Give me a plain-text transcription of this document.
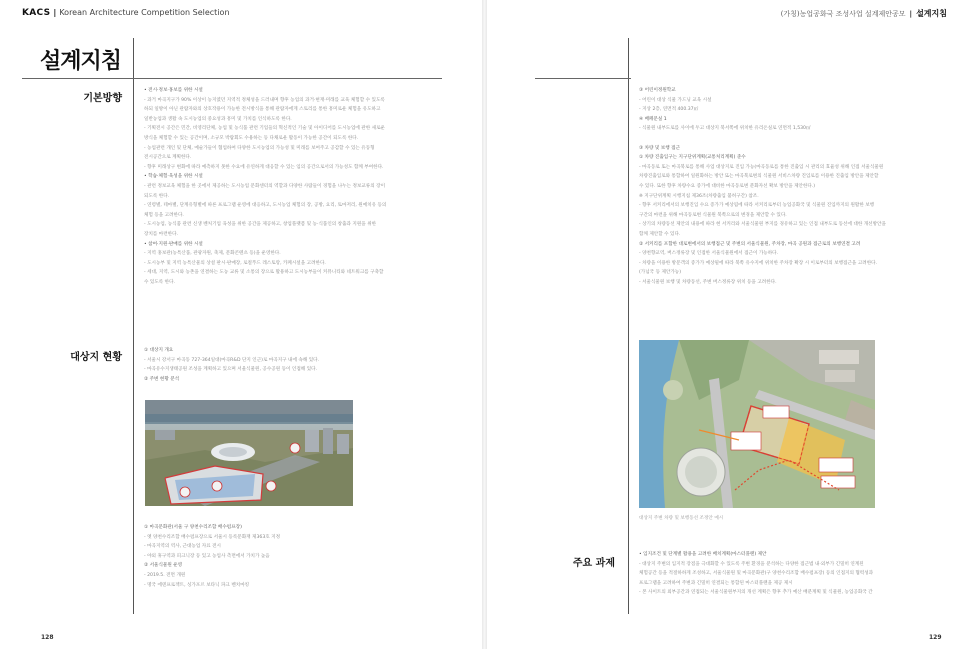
KACS | Korean Architecture Competition Selection
설계지침
기본방향
• 전시·정보·홍보를 위한 시설
- 과거 마곡지구가 90% 이상이 농지였던 지역적 정체성을 드러내며 향후 농업의 과거·현재·미래를 교육 체험할 수 있도록
하되 일방이 아닌 관람자와의 상호작용이 가능한 전시방식을 통해 관람자에게 스토리를 통한 흥미로운 체험을 유도하고
일반농업과 생활 속 도시농업의 중요성과 흥미 및 가치를 인식하도록 한다.
- 기획전시 공간은 민간, 비영리단체, 농업 및 농식품 관련 기업들의 혁신적인 기술 및 아이디어를 도시농업에 관한 새로운
방식을 체험할 수 있는 공간이며, 소규모 박람회도 수용하는 등 다채로운 활동이 가능한 공간이 되도록 한다.
- 농업관련 개인 및 단체, 예술가들이 협업하여 다양한 도시농업의 가능성 및 미래를 보여주고 공감할 수 있는 유동형
전시공간으로 계획한다.
- 향후 미래상구 변화에 따라 예측하지 못한 수요에 유연하게 대응할 수 있는 임의 공간으로서의 가능성도 함께 부여한다.
• 학습·체험·육성을 위한 시설
- 관련 정보교육 체험을 한 곳에서 제공하는 도시농업 문화센터의 역할과 다양한 사람들이 경험을 나누는 정보교류의 장이
되도록 한다.
- 연령별, 테마별, 단계유형별에 따른 프로그램 운영에 대응하고, 도시농업 체험의 장, 공방, 요리, 토마저리, 원예치유 등의
체험 등을 고려한다.
- 도시농업, 농식품 관련 신생 벤처기업 육성을 위한 공간을 제공하고, 창업플랫폼 및 농·식품인의 창출과 지원을 위한
장치를 마련한다.
• 참여·지원·판매를 위한 시설
- 지역 홍보관(농특산품, 관광자원, 축제, 문화콘텐츠 등)을 운영한다.
- 도시농부 및 지역 농특산물의 상설 판시·판매장, 로컬푸드 레스토랑, 카페시설을 고려한다.
- 세대, 지역, 도시와 농촌을 연결하는 도농 교류 및 소통의 장으로 활용하고 도시농부들이 커뮤니티와 네트워크를 구축할
수 있도록 한다.
대상지 현황
① 대상지 개요
- 서울시 강서구 마곡동 727-364일대(마곡R&D 단지 인근)로 마곡지구 내에 속해 있다.
- 마곡유수지생태공원 조성을 계획하고 있으며 서울식물원, 공수공원 등이 인접해 있다.
② 주변 현황 분석
① 마곡문화관(서울 구 양천수리조합 배수펌프장)
- 옛 양천수리조합 배수펌프장으로 서울시 등록문화재 제363호 지정
- 마곡지역의 역사, 근대농업 자료 전시
- 야외 휴구역과 피크닉장 등 있고 농업사 측면에서 가치가 높음
② 서울식물원 운영
- 2019.5. 전면 개원
- 명국 에덴프로젝트, 싱가포르 보타닉 파크 벤치마킹
128
(가칭)농업공화국 조성사업 설계제안공모 | 설계지침
③ 어린이정원학교
- 어린이 대상 식물 가드닝 교육 시설
- 지상 2층, 연면적 400.37㎡
④ 배페문실 1
- 식물원 내부도로를 사이에 두고 대상지 북서쪽에 위치한 유리온실로 연면적 1,530㎡

③ 차량 및 보행 접근
① 차량 진출입구는 지구단위계획(교통처리계획) 준수
- 마곡동로 또는 마곡북로를 통해 사업 대상지로 진입 가능(마곡동로를 통한 진출입 시 관리의 효율성 위해 인접 서울식물원
차량진출입로와 통합하여 일원화하는 방안 또는 마곡북로변의 식물원 서비스차량 진입로를 이용한 진출입 방안을 제안할
수 있다. 또한 향후 차량수요 증가에 대비한 마곡동로변 분화자선 확보 방안을 제안한다.)
※ 지구단위계획 시행지침 제36조(차량출입 불허구간) 참조.
- 향후 서커리에서의 보행진입 수요 증가가 예상됨에 따라 서커리로부터 농업공화국 및 식물원 진입까지의 원활한 보행
구간의 마련을 위해 마곡동로변 식물원 북쪽으로의 변경을 제안할 수 있다.
- 상기의 차량동선 제안의 내용에 따라 현 서커리와 서울식물원 부지를 경유하고 있는 인접 내부도로 동선에 대한 개선방안을
함께 제안할 수 있다.
② 서커리를 포함한 대로변에서의 보행접근 및 주변의 서울식물원, 주차장, 마곡 공원과 접근로의 보행연결 고려
- 양천향교역, 버스정류장 및 인접한 서울식물원에서 접근이 가능하다.
- 차량을 이용한 방문객의 증가가 예상될에 따라 북쪽 유수지에 위치한 주차장 확장 시 이로부터의 보행접근을 고려한다.
(가넘국 등 제안가능)
- 서울식물원 보행 및 차량동선, 주변 버스정류장 위치 등을 고려한다.
대상지 주변 차량 및 보행동선 조정안 예시
주요 과제
• 입지조건 및 단계별 활용을 고려한 배치계획(마스터플랜) 제안
- 대상지 주변의 입지적 장점을 극대화할 수 있도록 주변 환경을 분석하는 다양한 접근법 내·외부가 긴밀히 연계된
체험공간 등을 적절하하게 조성하고, 서울식물원 및 마곡문화관(구 양천수리조합 배수펌프장) 등의 인접지의 협력성과
프로그램을 고려하여 주변과 긴밀히 연결되는 통합된 마스터플랜을 제공 제시
- 본 사이트의 외부공간과 연접되는 서울식물원부지의 개선 계획은 향후 추가 예산 배분계획 및 식물원, 농업공화국 간
129
